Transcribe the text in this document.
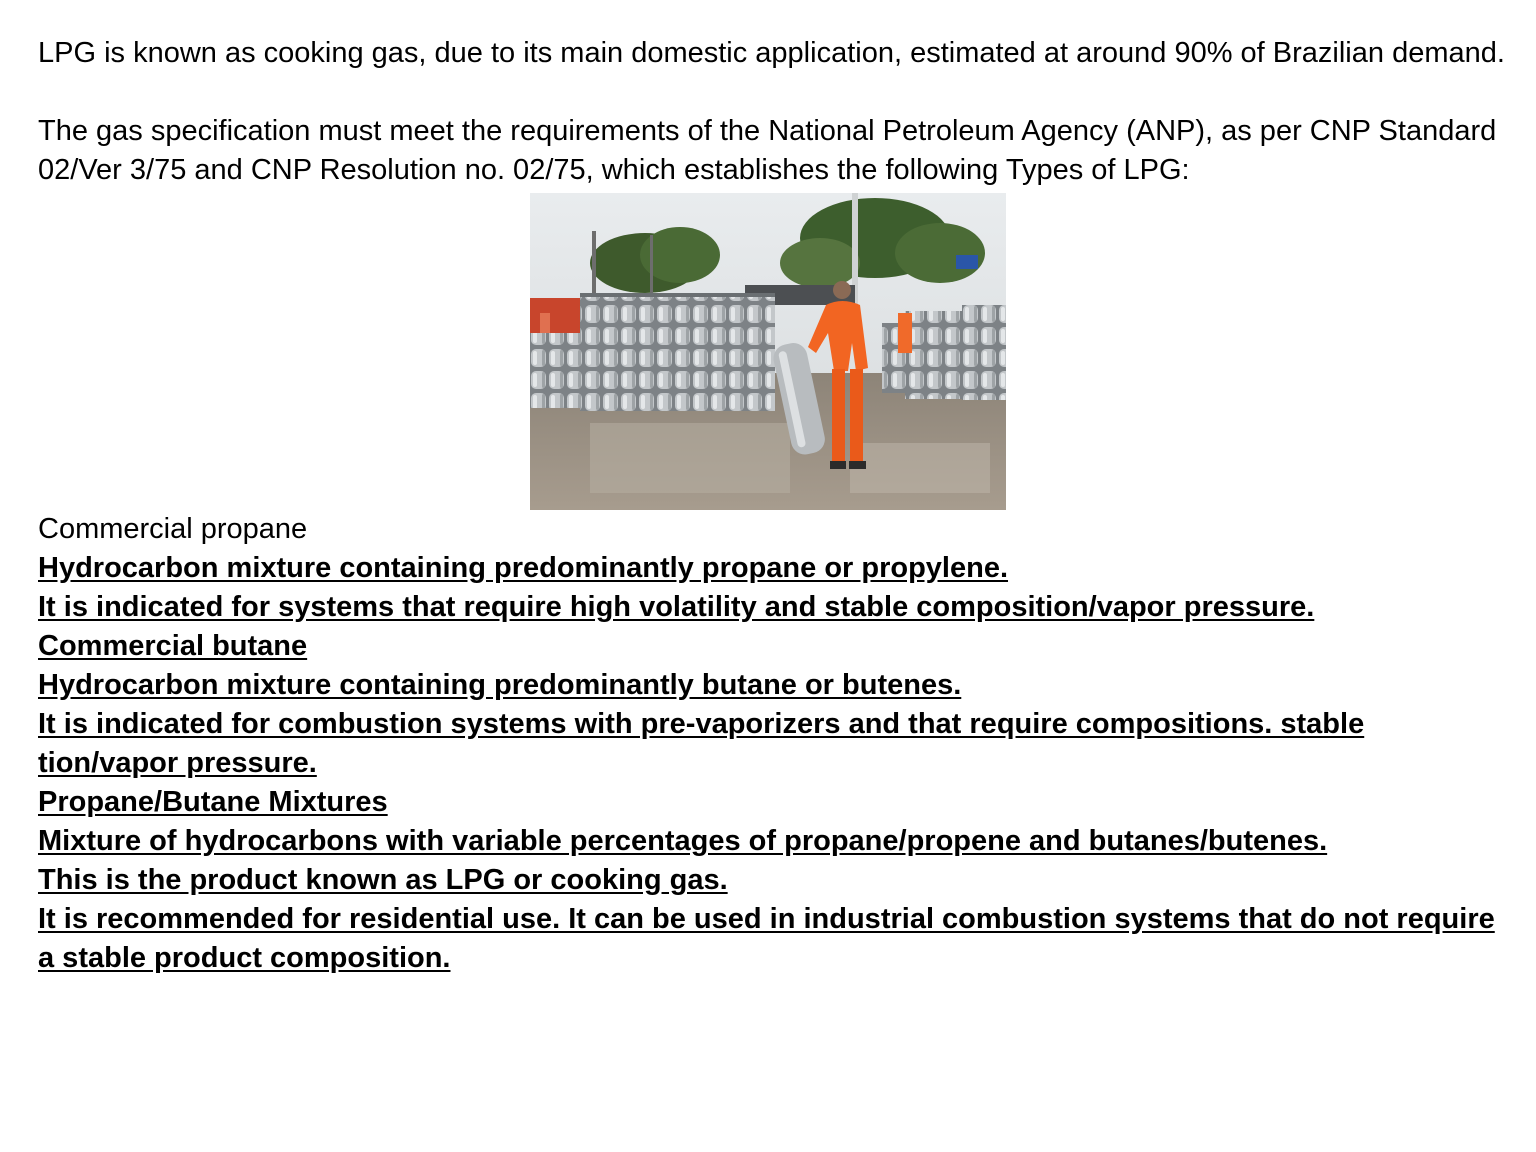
LPG is known as cooking gas, due to its main domestic application, estimated at around 90% of Brazilian demand.

The gas specification must meet the requirements of the National Petroleum Agency (ANP), as per CNP Standard 02/Ver 3/75 and CNP Resolution no. 02/75, which establishes the following Types of LPG:

Commercial propane

Hydrocarbon mixture containing predominantly propane or propylene.

It is indicated for systems that require high volatility and stable composition/vapor pressure.

Commercial butane

Hydrocarbon mixture containing predominantly butane or butenes.

It is indicated for combustion systems with pre-vaporizers and that require compositions. stable tion/vapor pressure.

Propane/Butane Mixtures

Mixture of hydrocarbons with variable percentages of propane/propene and butanes/butenes.

This is the product known as LPG or cooking gas.

It is recommended for residential use. It can be used in industrial combustion systems that do not require a stable product composition.
